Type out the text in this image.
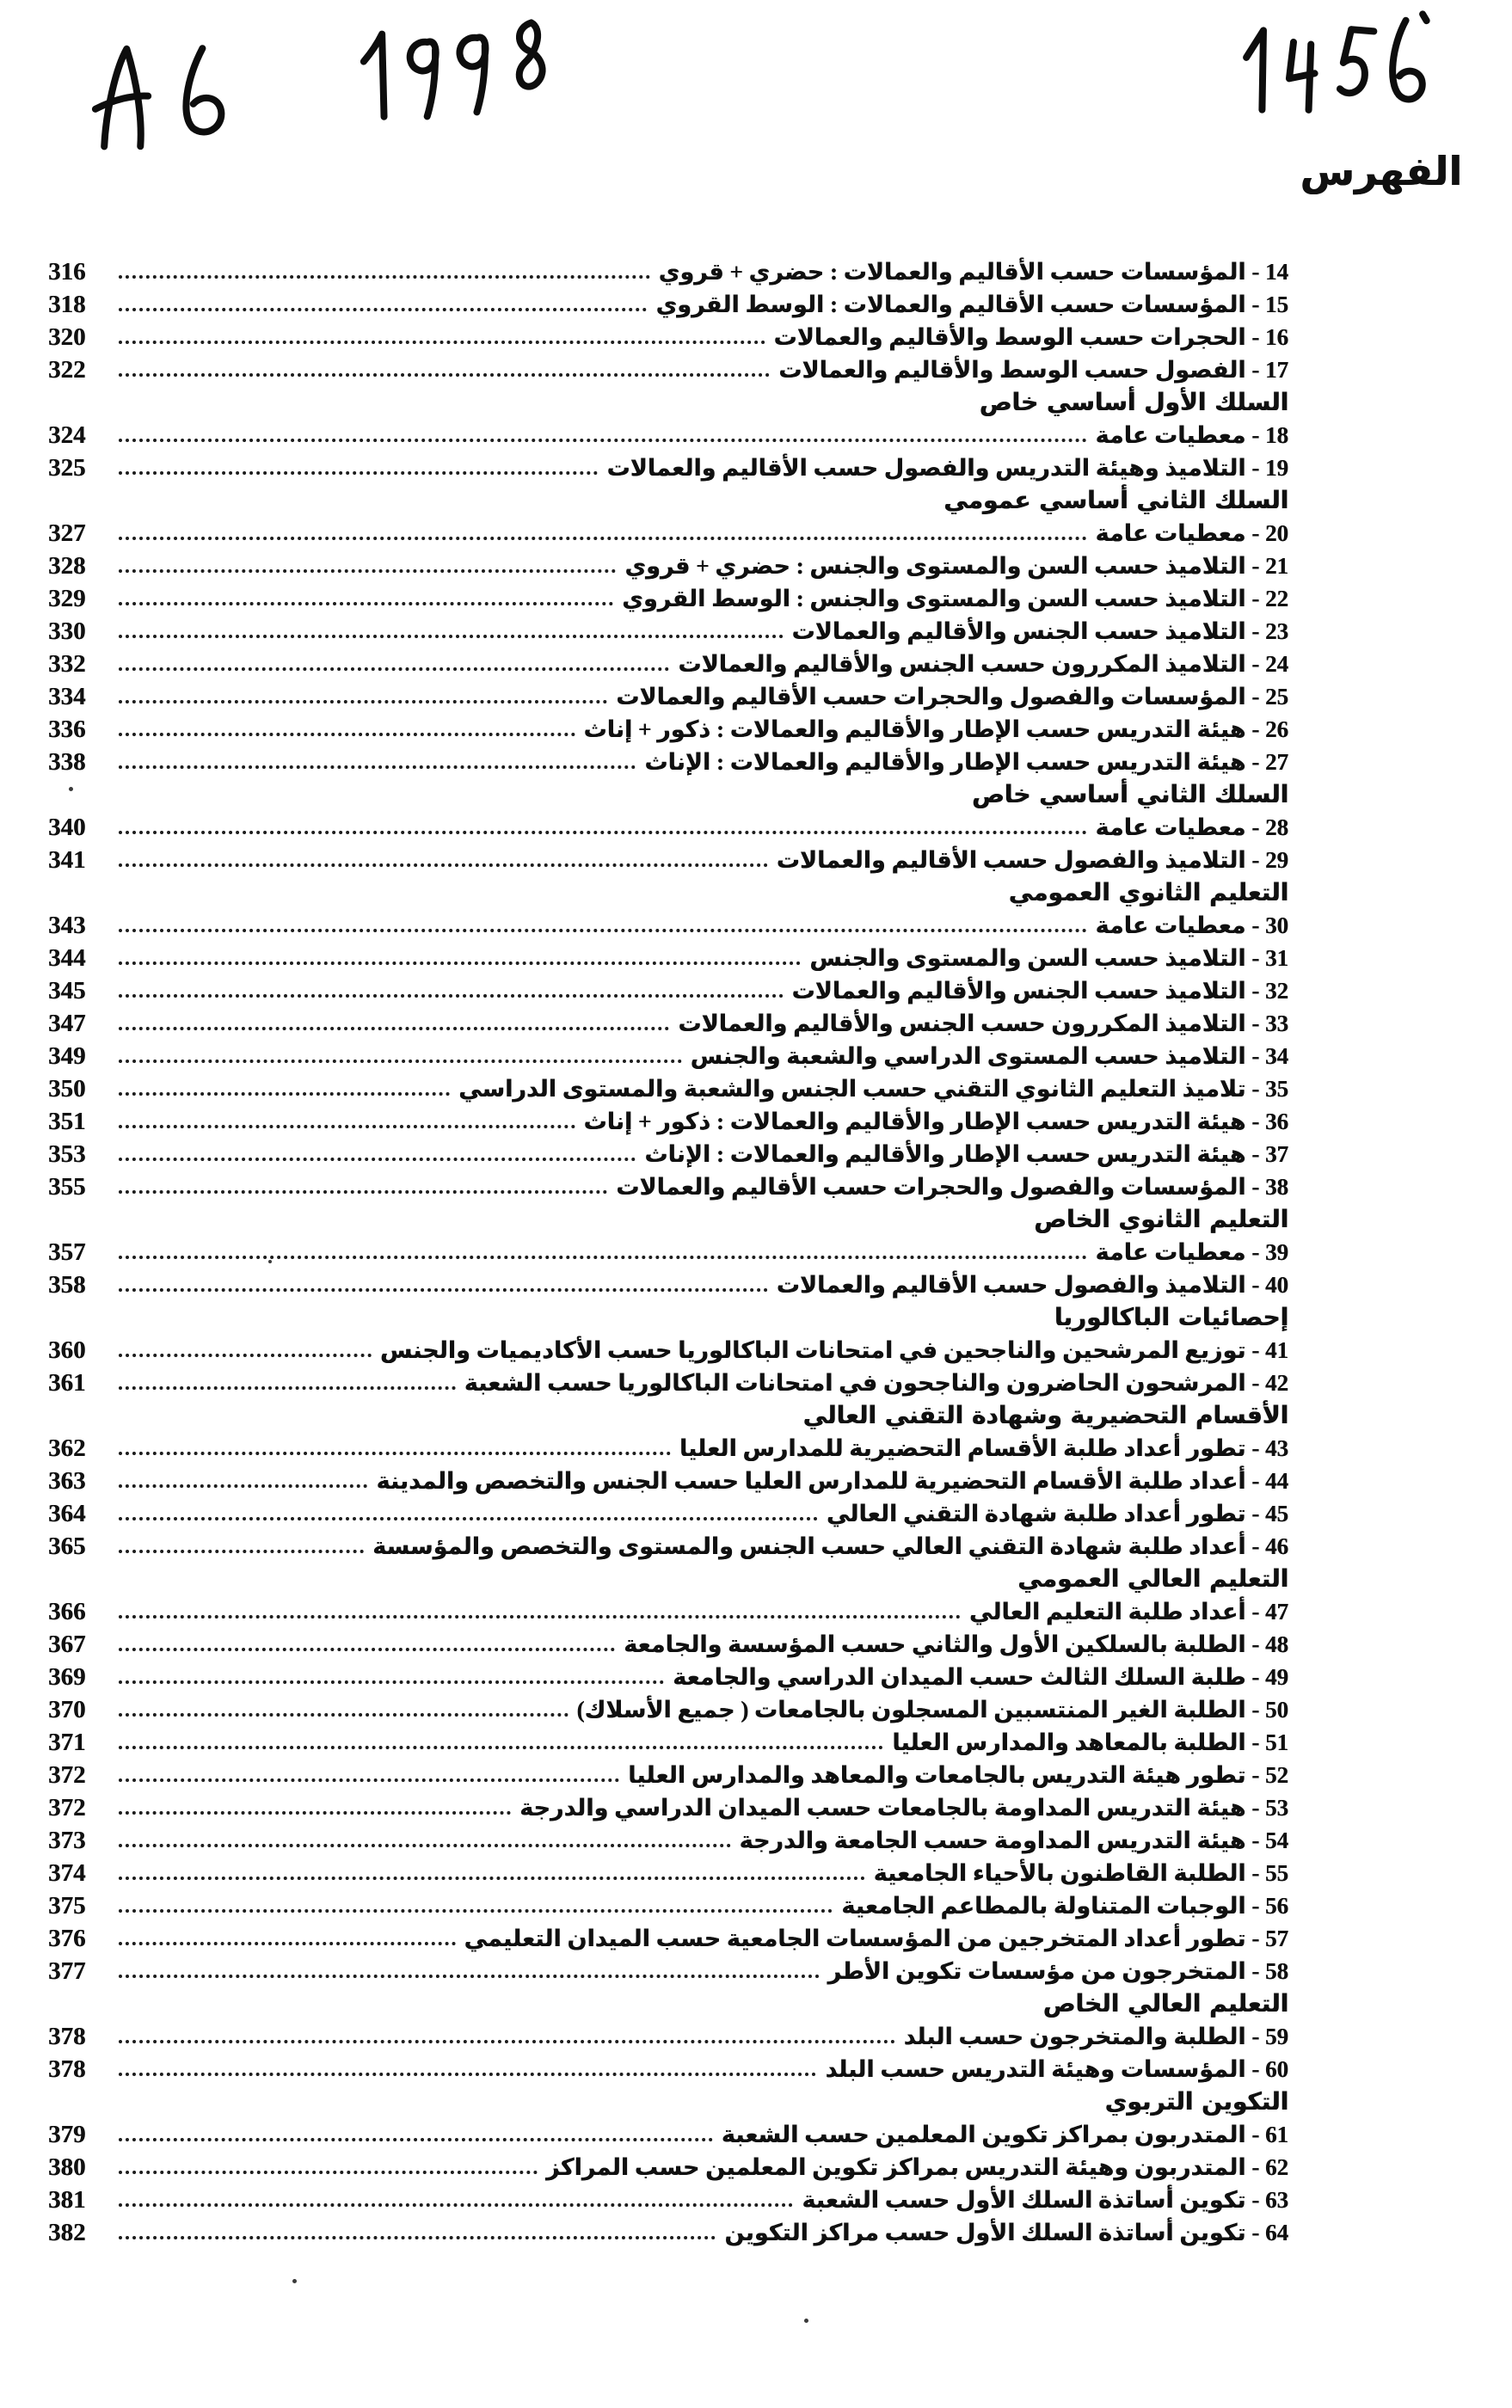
الفهرس
14 - المؤسسات حسب الأقاليم والعمالات : حضري + قروي
316
15 - المؤسسات حسب الأقاليم والعمالات : الوسط القروي
318
16 - الحجرات حسب الوسط والأقاليم والعمالات
320
17 - الفصول حسب الوسط والأقاليم والعمالات
322
السلك الأول أساسي خاص
18 - معطيات عامة
324
19 - التلاميذ وهيئة التدريس والفصول حسب الأقاليم والعمالات
325
السلك الثاني أساسي عمومي
20 - معطيات عامة
327
21 - التلاميذ حسب السن والمستوى والجنس : حضري + قروي
328
22 - التلاميذ حسب السن والمستوى والجنس : الوسط القروي
329
23 - التلاميذ حسب الجنس والأقاليم والعمالات
330
24 - التلاميذ المكررون حسب الجنس والأقاليم والعمالات
332
25 - المؤسسات والفصول والحجرات حسب الأقاليم والعمالات
334
26 - هيئة التدريس حسب الإطار والأقاليم والعمالات : ذكور + إناث
336
27 - هيئة التدريس حسب الإطار والأقاليم والعمالات : الإناث
338
السلك الثاني أساسي خاص
28 - معطيات عامة
340
29 - التلاميذ والفصول حسب الأقاليم والعمالات
341
التعليم الثانوي العمومي
30 - معطيات عامة
343
31 - التلاميذ حسب السن والمستوى والجنس
344
32 - التلاميذ حسب الجنس والأقاليم والعمالات
345
33 - التلاميذ المكررون حسب الجنس والأقاليم والعمالات
347
34 - التلاميذ حسب المستوى الدراسي والشعبة والجنس
349
35 - تلاميذ التعليم الثانوي التقني حسب الجنس والشعبة والمستوى الدراسي
350
36 - هيئة التدريس حسب الإطار والأقاليم والعمالات : ذكور + إناث
351
37 - هيئة التدريس حسب الإطار والأقاليم والعمالات : الإناث
353
38 - المؤسسات والفصول والحجرات حسب الأقاليم والعمالات
355
التعليم الثانوي الخاص
39 - معطيات عامة
357
40 - التلاميذ والفصول حسب الأقاليم والعمالات
358
إحصائيات الباكالوريا
41 - توزيع المرشحين والناجحين في امتحانات الباكالوريا حسب الأكاديميات والجنس
360
42 - المرشحون الحاضرون والناجحون في امتحانات الباكالوريا حسب الشعبة
361
الأقسام التحضيرية وشهادة التقني العالي
43 - تطور أعداد طلبة الأقسام التحضيرية للمدارس العليا
362
44 - أعداد طلبة الأقسام التحضيرية للمدارس العليا حسب الجنس والتخصص والمدينة
363
45 - تطور أعداد طلبة شهادة التقني العالي
364
46 - أعداد طلبة شهادة التقني العالي حسب الجنس والمستوى والتخصص والمؤسسة
365
التعليم العالي العمومي
47 - أعداد طلبة التعليم العالي
366
48 - الطلبة بالسلكين الأول والثاني حسب المؤسسة والجامعة
367
49 - طلبة السلك الثالث حسب الميدان الدراسي والجامعة
369
50 - الطلبة الغير المنتسبين المسجلون بالجامعات ( جميع الأسلاك)
370
51 - الطلبة بالمعاهد والمدارس العليا
371
52 - تطور هيئة التدريس بالجامعات والمعاهد والمدارس العليا
372
53 - هيئة التدريس المداومة بالجامعات حسب الميدان الدراسي والدرجة
372
54 - هيئة التدريس المداومة حسب الجامعة والدرجة
373
55 - الطلبة القاطنون بالأحياء الجامعية
374
56 - الوجبات المتناولة بالمطاعم الجامعية
375
57 - تطور أعداد المتخرجين من المؤسسات الجامعية حسب الميدان التعليمي
376
58 - المتخرجون من مؤسسات تكوين الأطر
377
التعليم العالي الخاص
59 - الطلبة والمتخرجون حسب البلد
378
60 - المؤسسات وهيئة التدريس حسب البلد
378
التكوين التربوي
61 - المتدربون بمراكز تكوين المعلمين حسب الشعبة
379
62 - المتدربون وهيئة التدريس بمراكز تكوين المعلمين حسب المراكز
380
63 - تكوين أساتذة السلك الأول حسب الشعبة
381
64 - تكوين أساتذة السلك الأول حسب مراكز التكوين
382
